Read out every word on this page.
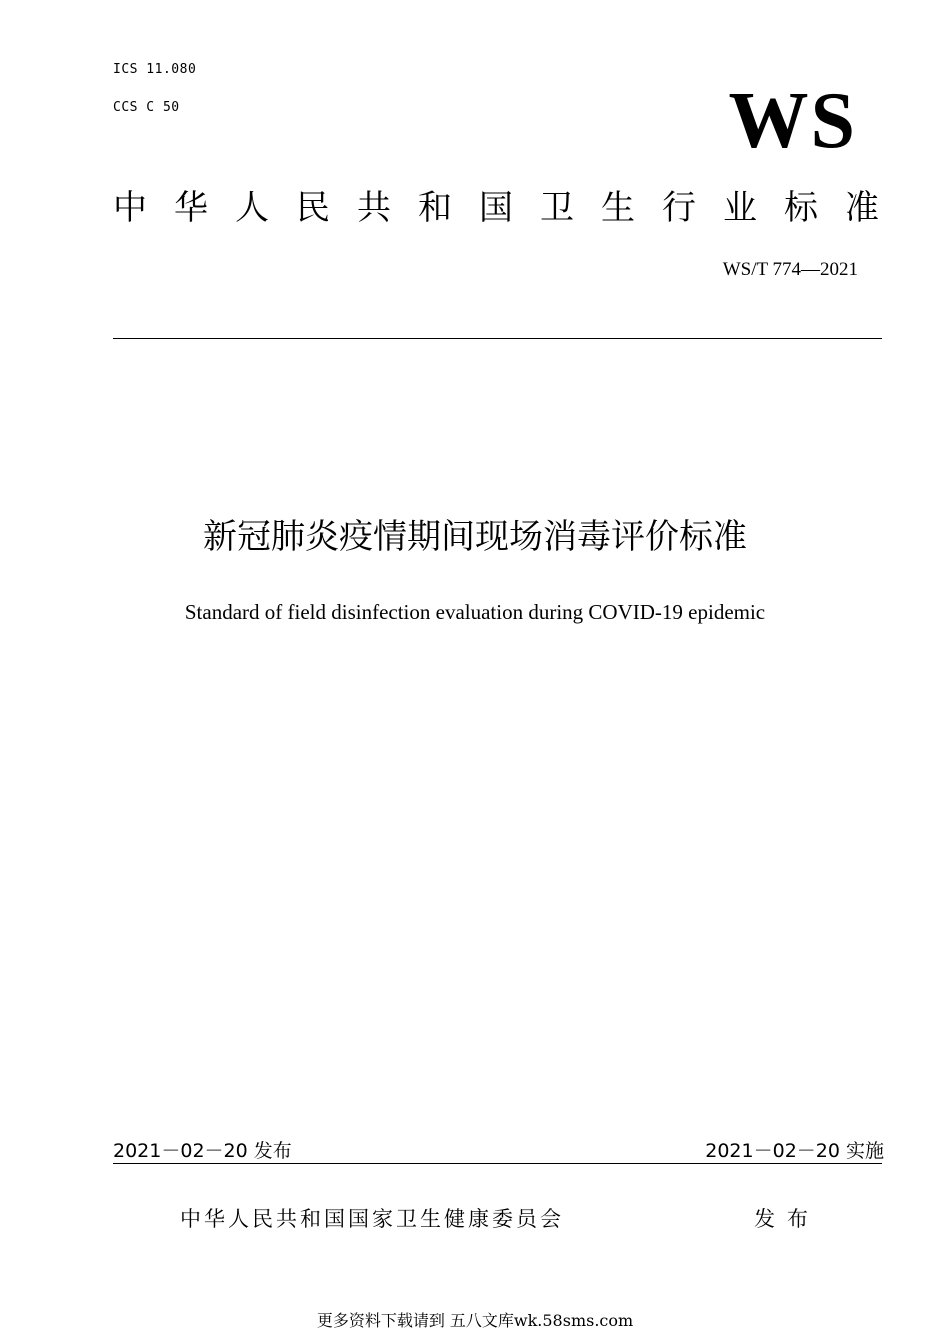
ICS 11.080
CCS C 50	WS
中华人民共和国卫生行业标准
WS/T 774—2021
新冠肺炎疫情期间现场消毒评价标准
Standard of field disinfection evaluation during COVID-19 epidemic
2021－02－20 发布	2021－02－20 实施
中华人民共和国国家卫生健康委员会	发布
更多资料下载请到 五八文库wk.58sms.com
